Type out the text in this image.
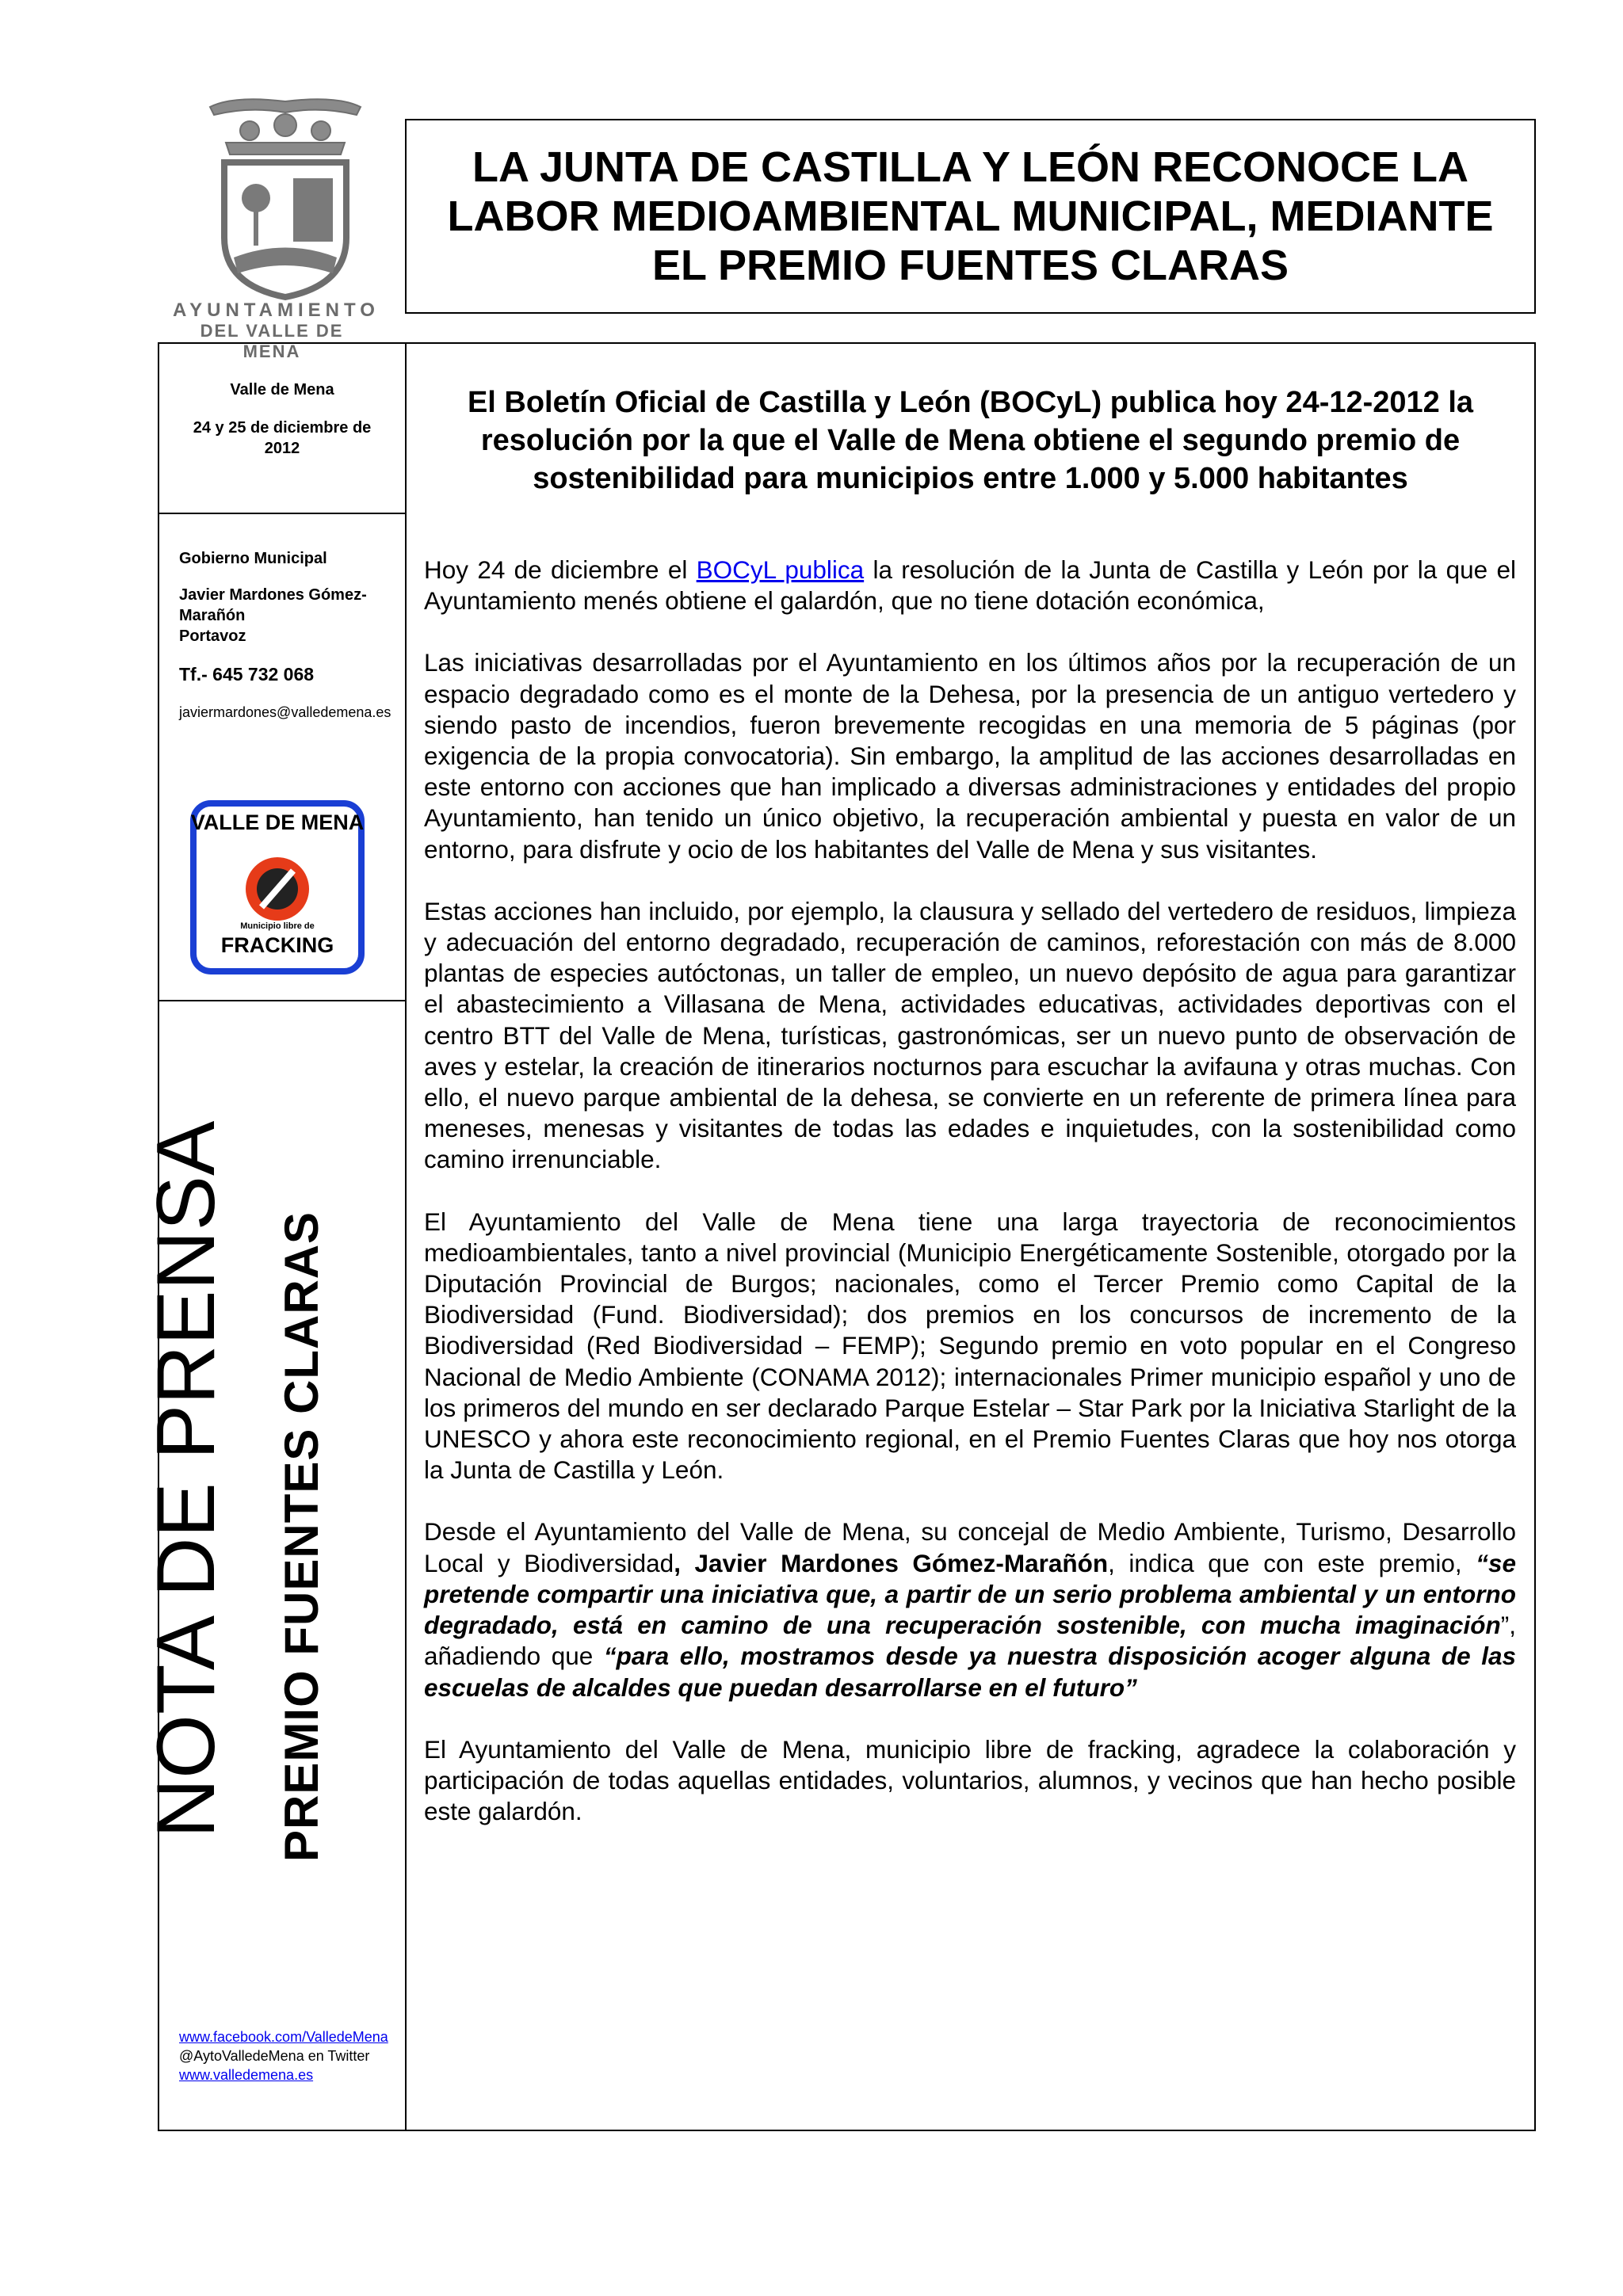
AYUNTAMIENTO
DEL VALLE DE MENA
LA JUNTA DE CASTILLA Y LEÓN RECONOCE LA LABOR MEDIOAMBIENTAL MUNICIPAL, MEDIANTE EL PREMIO FUENTES CLARAS
Valle de Mena
24 y 25 de diciembre de 2012
Gobierno Municipal
Javier Mardones Gómez-Marañón
Portavoz
Tf.- 645 732 068
javiermardones@valledemena.es
www.facebook.com/ValledeMena
@AytoValledeMena en Twitter
www.valledemena.es
VALLE DE MENA
Municipio libre de
FRACKING
NOTA DE PRENSA PREMIO FUENTES CLARAS
El Boletín Oficial de Castilla y León (BOCyL) publica hoy 24-12-2012 la resolución por la que el Valle de Mena obtiene el segundo premio de sostenibilidad para municipios entre 1.000 y 5.000 habitantes

Hoy 24 de diciembre el BOCyL publica la resolución de la Junta de Castilla y León por la que el Ayuntamiento menés obtiene el galardón, que no tiene dotación económica,

Las iniciativas desarrolladas por el Ayuntamiento en los últimos años por la recuperación de un espacio degradado como es el monte de la Dehesa, por la presencia de un antiguo vertedero y siendo pasto de incendios, fueron brevemente recogidas en una memoria de 5 páginas (por exigencia de la propia convocatoria). Sin embargo, la amplitud de las acciones desarrolladas en este entorno con acciones que han implicado a diversas administraciones y entidades del propio Ayuntamiento, han tenido un único objetivo, la recuperación ambiental y puesta en valor de un entorno, para disfrute y ocio de los habitantes del Valle de Mena y sus visitantes.

Estas acciones han incluido, por ejemplo, la clausura y sellado del vertedero de residuos, limpieza y adecuación del entorno degradado, recuperación de caminos, reforestación con más de 8.000 plantas de especies autóctonas, un taller de empleo, un nuevo depósito de agua para garantizar el abastecimiento a Villasana de Mena, actividades educativas, actividades deportivas con el centro BTT del Valle de Mena, turísticas, gastronómicas, ser un nuevo punto de observación de aves y estelar, la creación de itinerarios nocturnos para escuchar la avifauna y otras muchas. Con ello, el nuevo parque ambiental de la dehesa, se convierte en un referente de primera línea para meneses, menesas y visitantes de todas las edades e inquietudes, con la sostenibilidad como camino irrenunciable.

El Ayuntamiento del Valle de Mena tiene una larga trayectoria de reconocimientos medioambientales, tanto a nivel provincial (Municipio Energéticamente Sostenible, otorgado por la Diputación Provincial de Burgos; nacionales, como el Tercer Premio como Capital de la Biodiversidad (Fund. Biodiversidad); dos premios en los concursos de incremento de la Biodiversidad (Red Biodiversidad – FEMP); Segundo premio en voto popular en el Congreso Nacional de Medio Ambiente (CONAMA 2012); internacionales Primer municipio español y uno de los primeros del mundo en ser declarado Parque Estelar – Star Park por la Iniciativa Starlight de la UNESCO y ahora este reconocimiento regional, en el Premio Fuentes Claras que hoy nos otorga la Junta de Castilla y León.

Desde el Ayuntamiento del Valle de Mena, su concejal de Medio Ambiente, Turismo, Desarrollo Local y Biodiversidad, Javier Mardones Gómez-Marañón, indica que con este premio, “se pretende compartir una iniciativa que, a partir de un serio problema ambiental y un entorno degradado, está en camino de una recuperación sostenible, con mucha imaginación”, añadiendo que “para ello, mostramos desde ya nuestra disposición acoger alguna de las escuelas de alcaldes que puedan desarrollarse en el futuro”

El Ayuntamiento del Valle de Mena, municipio libre de fracking, agradece la colaboración y participación de todas aquellas entidades, voluntarios, alumnos, y vecinos que han hecho posible este galardón.
